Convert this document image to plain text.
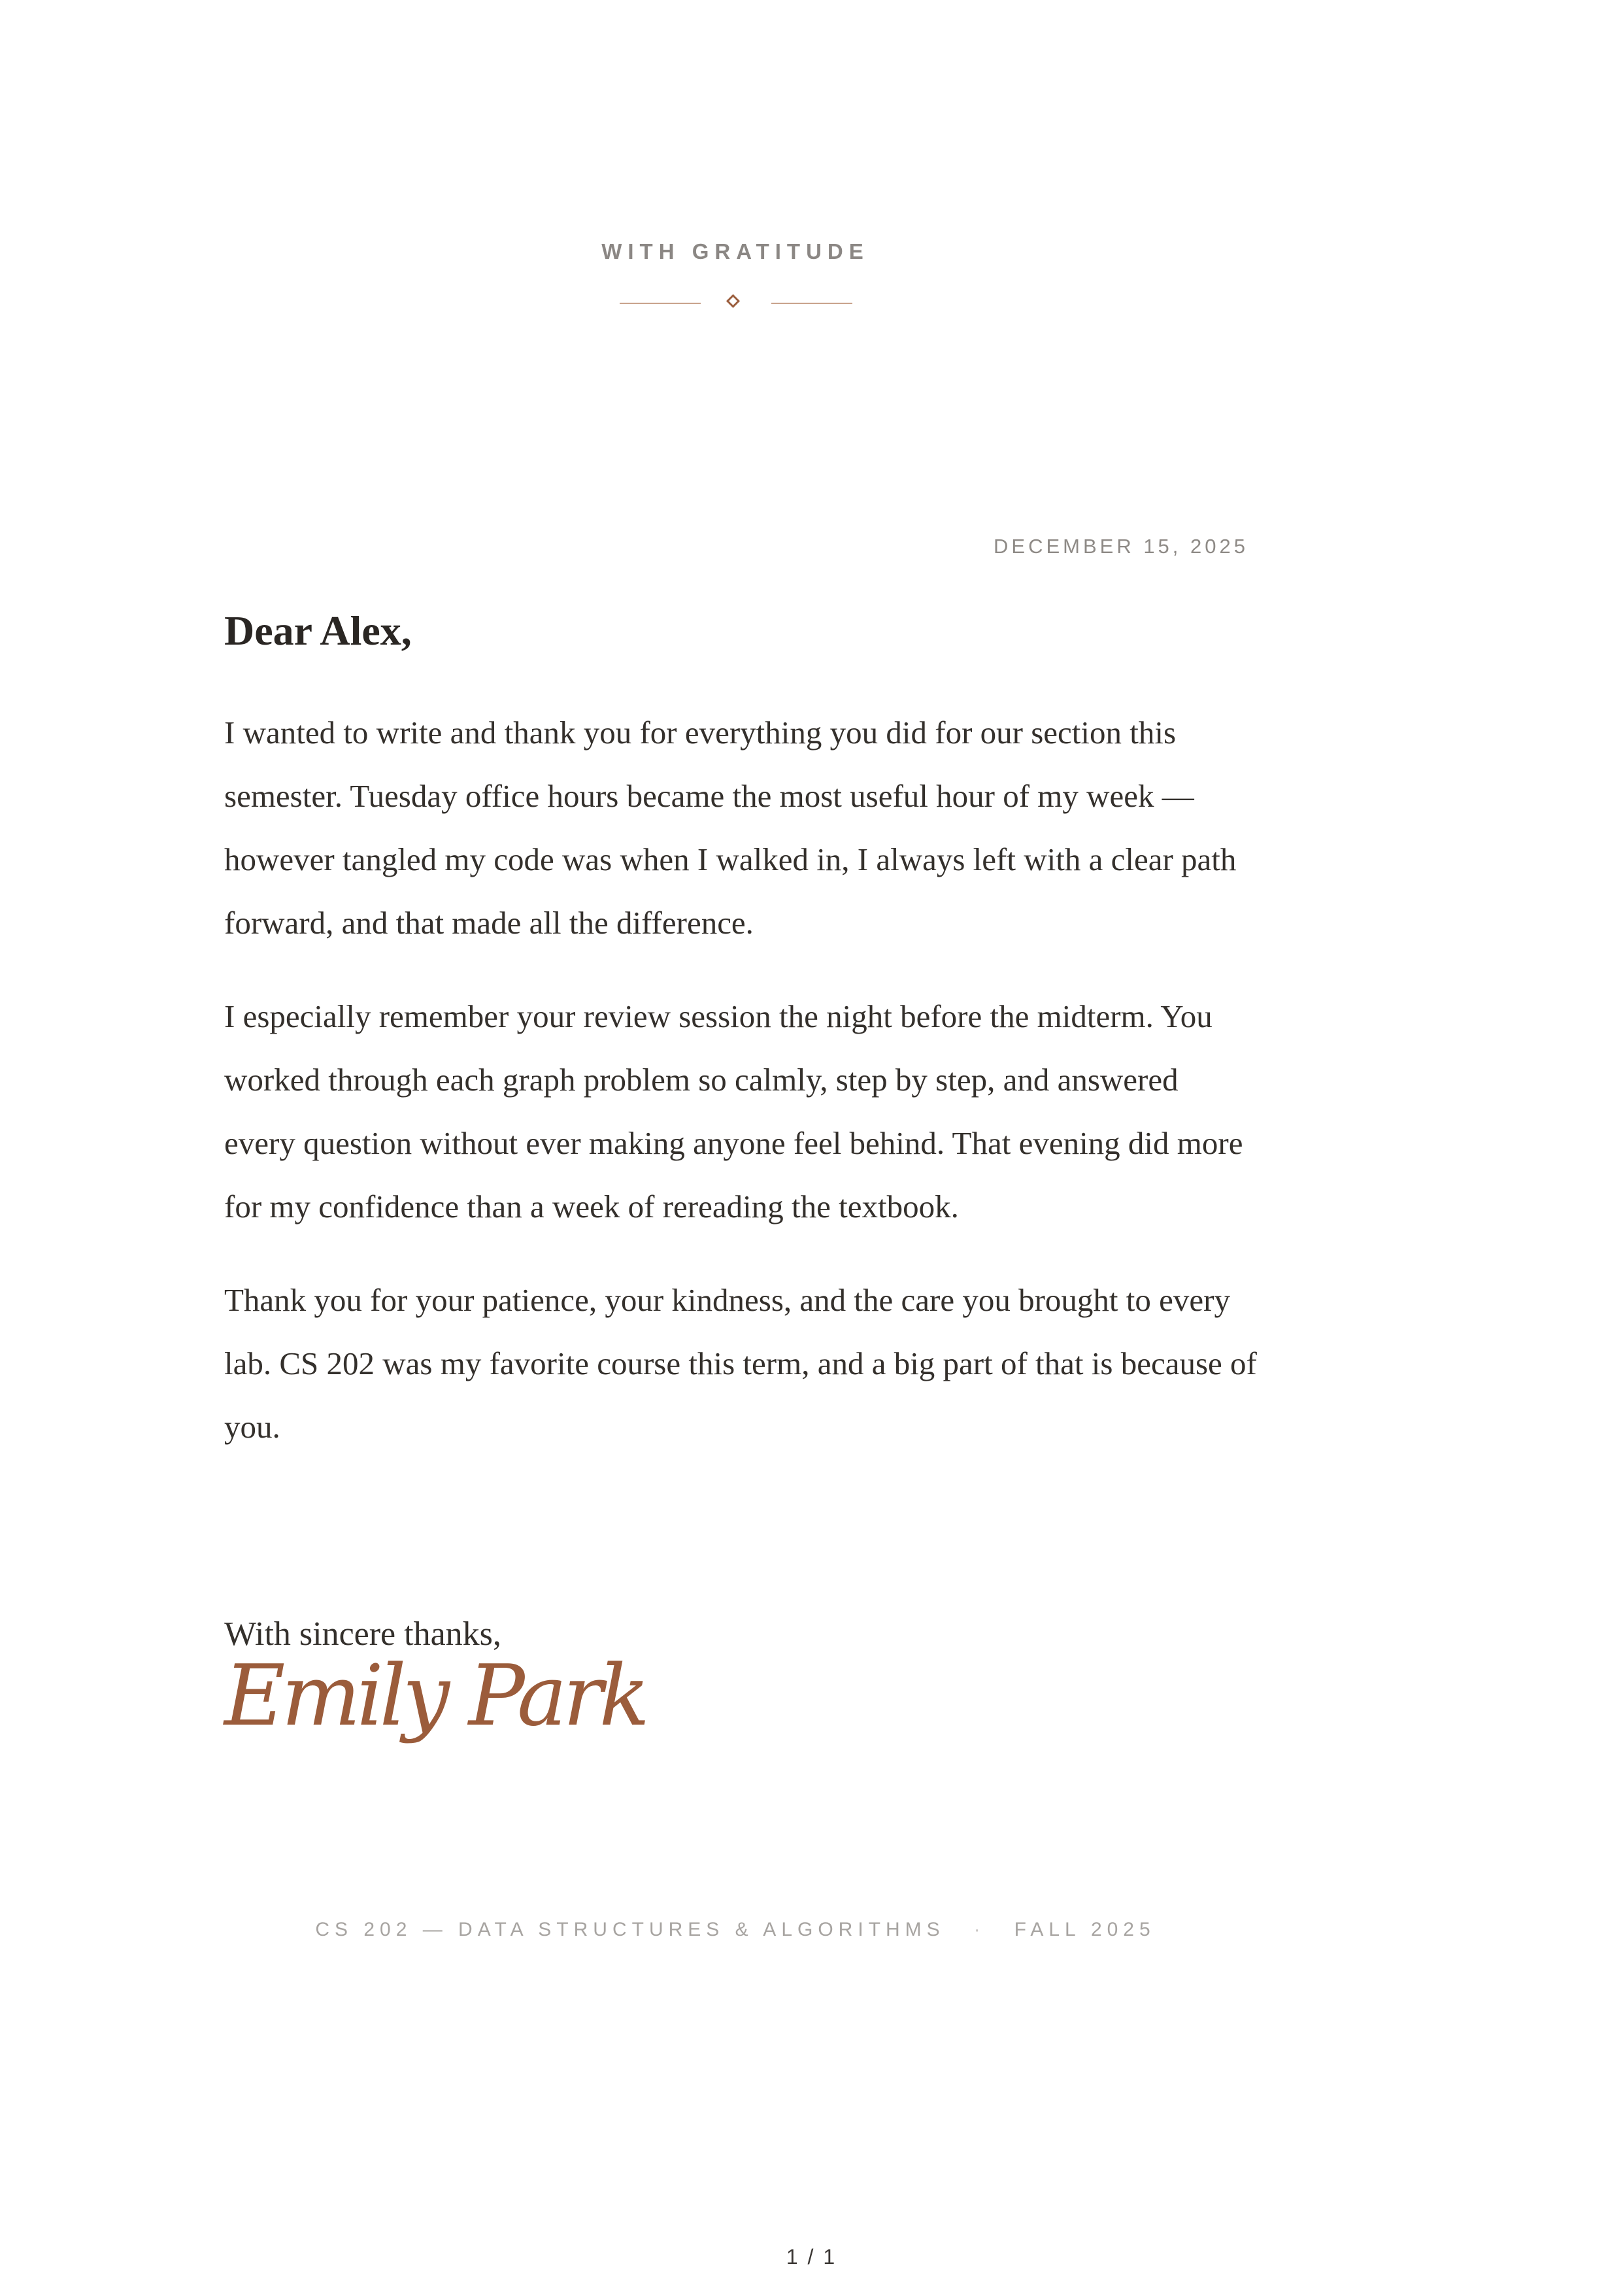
WITH GRATITUDE
DECEMBER 15, 2025
Dear Alex,

I wanted to write and thank you for everything you did for our section this semester. Tuesday office hours became the most useful hour of my week — however tangled my code was when I walked in, I always left with a clear path forward, and that made all the difference.

I especially remember your review session the night before the midterm. You worked through each graph problem so calmly, step by step, and answered every question without ever making anyone feel behind. That evening did more for my confidence than a week of rereading the textbook.

Thank you for your patience, your kindness, and the care you brought to every lab. CS 202 was my favorite course this term, and a big part of that is because of you.

With sincere thanks,
Emily Park
CS 202 — DATA STRUCTURES & ALGORITHMS · FALL 2025
1 / 1
